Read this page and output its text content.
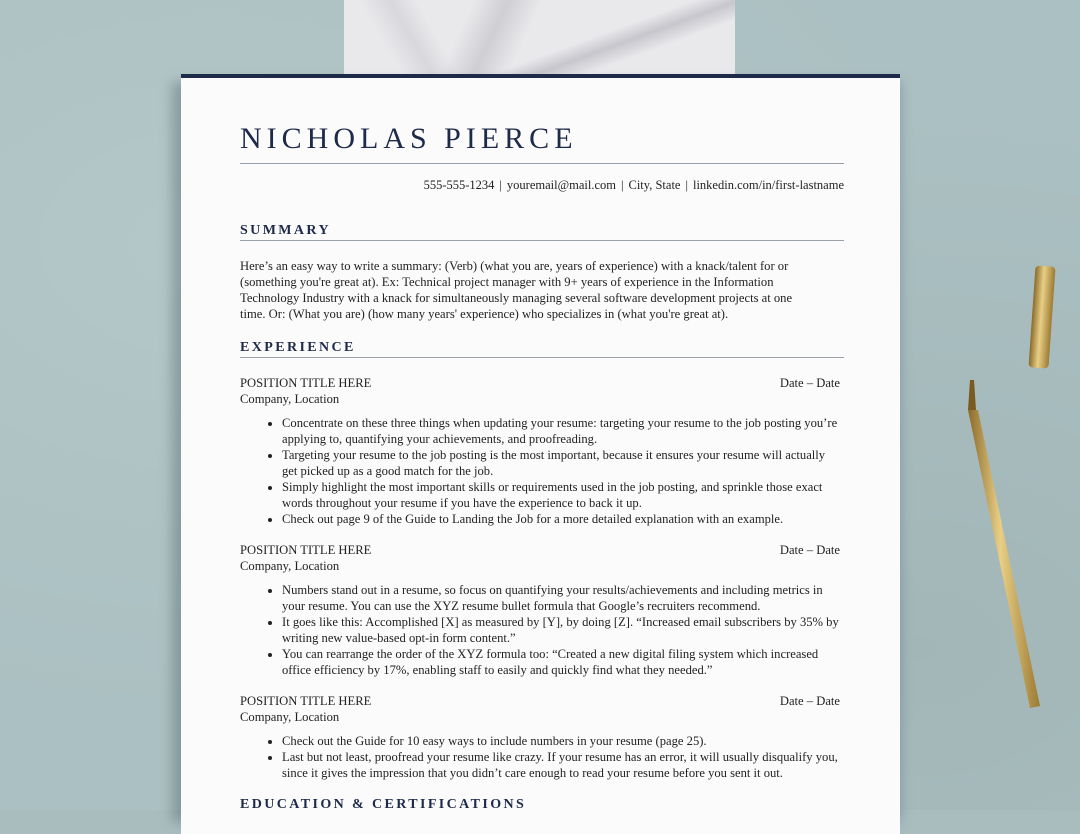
NICHOLAS PIERCE
555-555-1234 | youremail@mail.com | City, State | linkedin.com/in/first-lastname
SUMMARY
Here’s an easy way to write a summary: (Verb) (what you are, years of experience) with a knack/talent for or (something you're great at). Ex: Technical project manager with 9+ years of experience in the Information Technology Industry with a knack for simultaneously managing several software development projects at one time. Or: (What you are) (how many years' experience) who specializes in (what you're great at).
EXPERIENCE
POSITION TITLE HERE	Date – Date
Company, Location
• Concentrate on these three things when updating your resume: targeting your resume to the job posting you’re applying to, quantifying your achievements, and proofreading.
• Targeting your resume to the job posting is the most important, because it ensures your resume will actually get picked up as a good match for the job.
• Simply highlight the most important skills or requirements used in the job posting, and sprinkle those exact words throughout your resume if you have the experience to back it up.
• Check out page 9 of the Guide to Landing the Job for a more detailed explanation with an example.
POSITION TITLE HERE	Date – Date
Company, Location
• Numbers stand out in a resume, so focus on quantifying your results/achievements and including metrics in your resume. You can use the XYZ resume bullet formula that Google’s recruiters recommend.
• It goes like this: Accomplished [X] as measured by [Y], by doing [Z]. “Increased email subscribers by 35% by writing new value-based opt-in form content.”
• You can rearrange the order of the XYZ formula too: “Created a new digital filing system which increased office efficiency by 17%, enabling staff to easily and quickly find what they needed.”
POSITION TITLE HERE	Date – Date
Company, Location
• Check out the Guide for 10 easy ways to include numbers in your resume (page 25).
• Last but not least, proofread your resume like crazy. If your resume has an error, it will usually disqualify you, since it gives the impression that you didn’t care enough to read your resume before you sent it out.
EDUCATION & CERTIFICATIONS
